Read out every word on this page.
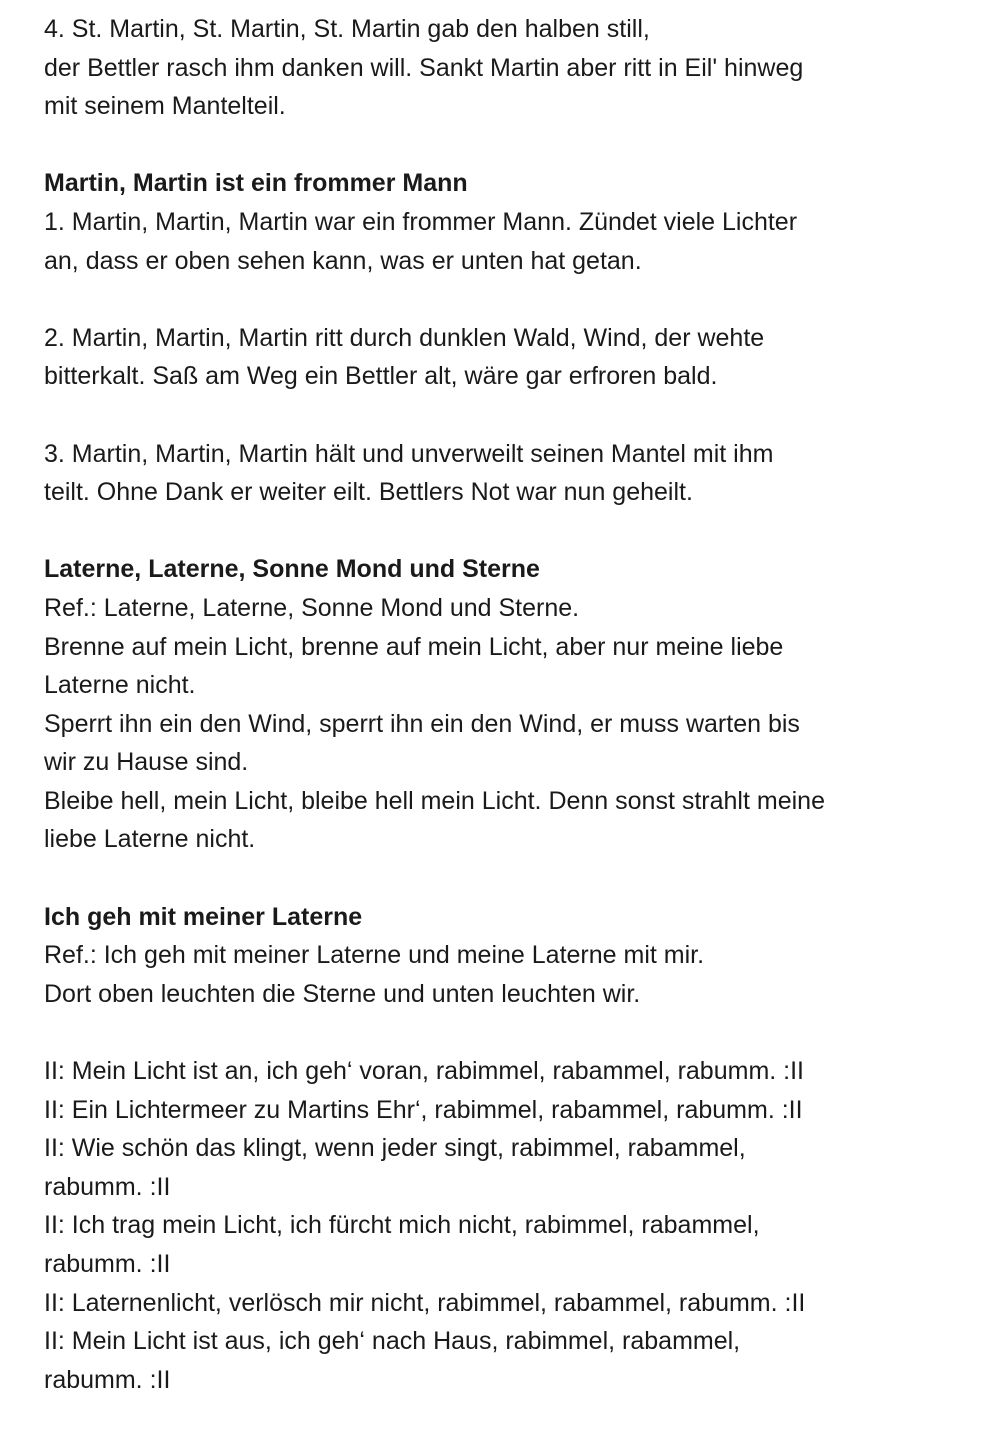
4. St. Martin, St. Martin, St. Martin gab den halben still,
der Bettler rasch ihm danken will. Sankt Martin aber ritt in Eil' hinweg
mit seinem Mantelteil.
Martin, Martin ist ein frommer Mann
1. Martin, Martin, Martin war ein frommer Mann. Zündet viele Lichter
an, dass er oben sehen kann, was er unten hat getan.
2. Martin, Martin, Martin ritt durch dunklen Wald, Wind, der wehte
bitterkalt. Saß am Weg ein Bettler alt, wäre gar erfroren bald.
3. Martin, Martin, Martin hält und unverweilt seinen Mantel mit ihm
teilt. Ohne Dank er weiter eilt. Bettlers Not war nun geheilt.
Laterne, Laterne, Sonne Mond und Sterne
Ref.: Laterne, Laterne, Sonne Mond und Sterne.
Brenne auf mein Licht, brenne auf mein Licht, aber nur meine liebe
Laterne nicht.
Sperrt ihn ein den Wind, sperrt ihn ein den Wind, er muss warten bis
wir zu Hause sind.
Bleibe hell, mein Licht, bleibe hell mein Licht. Denn sonst strahlt meine
liebe Laterne nicht.
Ich geh mit meiner Laterne
Ref.: Ich geh mit meiner Laterne und meine Laterne mit mir.
Dort oben leuchten die Sterne und unten leuchten wir.
II: Mein Licht ist an, ich geh‘ voran, rabimmel, rabammel, rabumm. :II
II: Ein Lichtermeer zu Martins Ehr‘, rabimmel, rabammel, rabumm. :II
II: Wie schön das klingt, wenn jeder singt, rabimmel, rabammel,
rabumm. :II
II: Ich trag mein Licht, ich fürcht mich nicht, rabimmel, rabammel,
rabumm. :II
II: Laternenlicht, verlösch mir nicht, rabimmel, rabammel, rabumm. :II
II: Mein Licht ist aus, ich geh‘ nach Haus, rabimmel, rabammel,
rabumm. :II
